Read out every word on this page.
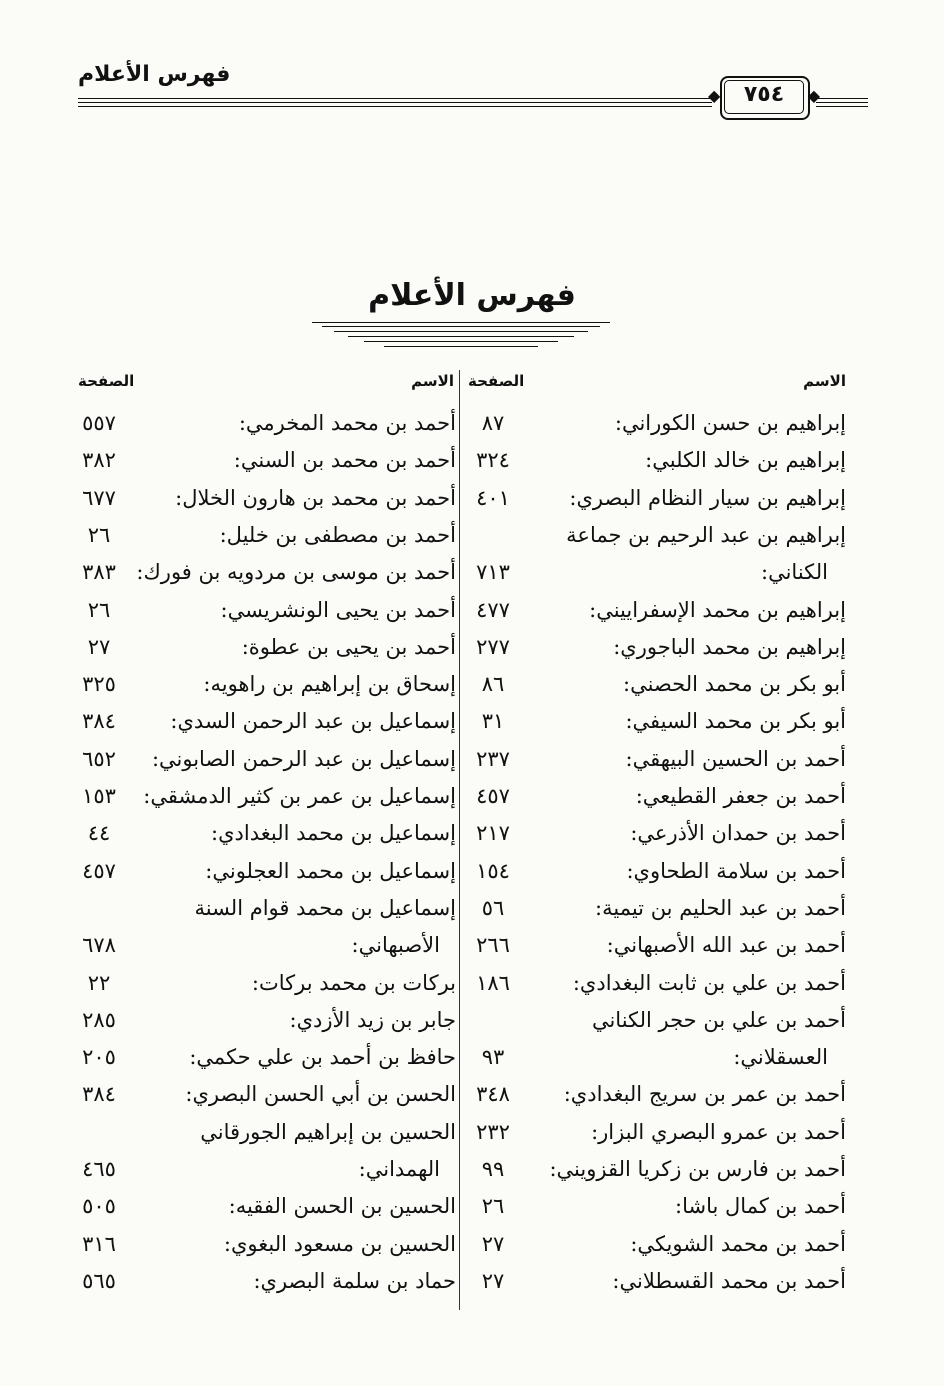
فهرس الأعلام
◆	٧٥٤	◆
فهرس الأعلام
الاسم
الصفحة
الاسم
الصفحة
إبراهيم بن حسن الكوراني:
٨٧
إبراهيم بن خالد الكلبي:
٣٢٤
إبراهيم بن سيار النظام البصري:
٤٠١
إبراهيم بن عبد الرحيم بن جماعة
الكناني:
٧١٣
إبراهيم بن محمد الإسفراييني:
٤٧٧
إبراهيم بن محمد الباجوري:
٢٧٧
أبو بكر بن محمد الحصني:
٨٦
أبو بكر بن محمد السيفي:
٣١
أحمد بن الحسين البيهقي:
٢٣٧
أحمد بن جعفر القطيعي:
٤٥٧
أحمد بن حمدان الأذرعي:
٢١٧
أحمد بن سلامة الطحاوي:
١٥٤
أحمد بن عبد الحليم بن تيمية:
٥٦
أحمد بن عبد الله الأصبهاني:
٢٦٦
أحمد بن علي بن ثابت البغدادي:
١٨٦
أحمد بن علي بن حجر الكناني
العسقلاني:
٩٣
أحمد بن عمر بن سريج البغدادي:
٣٤٨
أحمد بن عمرو البصري البزار:
٢٣٢
أحمد بن فارس بن زكريا القزويني:
٩٩
أحمد بن كمال باشا:
٢٦
أحمد بن محمد الشويكي:
٢٧
أحمد بن محمد القسطلاني:
٢٧
أحمد بن محمد المخرمي:
٥٥٧
أحمد بن محمد بن السني:
٣٨٢
أحمد بن محمد بن هارون الخلال:
٦٧٧
أحمد بن مصطفى بن خليل:
٢٦
أحمد بن موسى بن مردويه بن فورك:
٣٨٣
أحمد بن يحيى الونشريسي:
٢٦
أحمد بن يحيى بن عطوة:
٢٧
إسحاق بن إبراهيم بن راهويه:
٣٢٥
إسماعيل بن عبد الرحمن السدي:
٣٨٤
إسماعيل بن عبد الرحمن الصابوني:
٦٥٢
إسماعيل بن عمر بن كثير الدمشقي:
١٥٣
إسماعيل بن محمد البغدادي:
٤٤
إسماعيل بن محمد العجلوني:
٤٥٧
إسماعيل بن محمد قوام السنة
الأصبهاني:
٦٧٨
بركات بن محمد بركات:
٢٢
جابر بن زيد الأزدي:
٢٨٥
حافظ بن أحمد بن علي حكمي:
٢٠٥
الحسن بن أبي الحسن البصري:
٣٨٤
الحسين بن إبراهيم الجورقاني
الهمداني:
٤٦٥
الحسين بن الحسن الفقيه:
٥٠٥
الحسين بن مسعود البغوي:
٣١٦
حماد بن سلمة البصري:
٥٦٥
